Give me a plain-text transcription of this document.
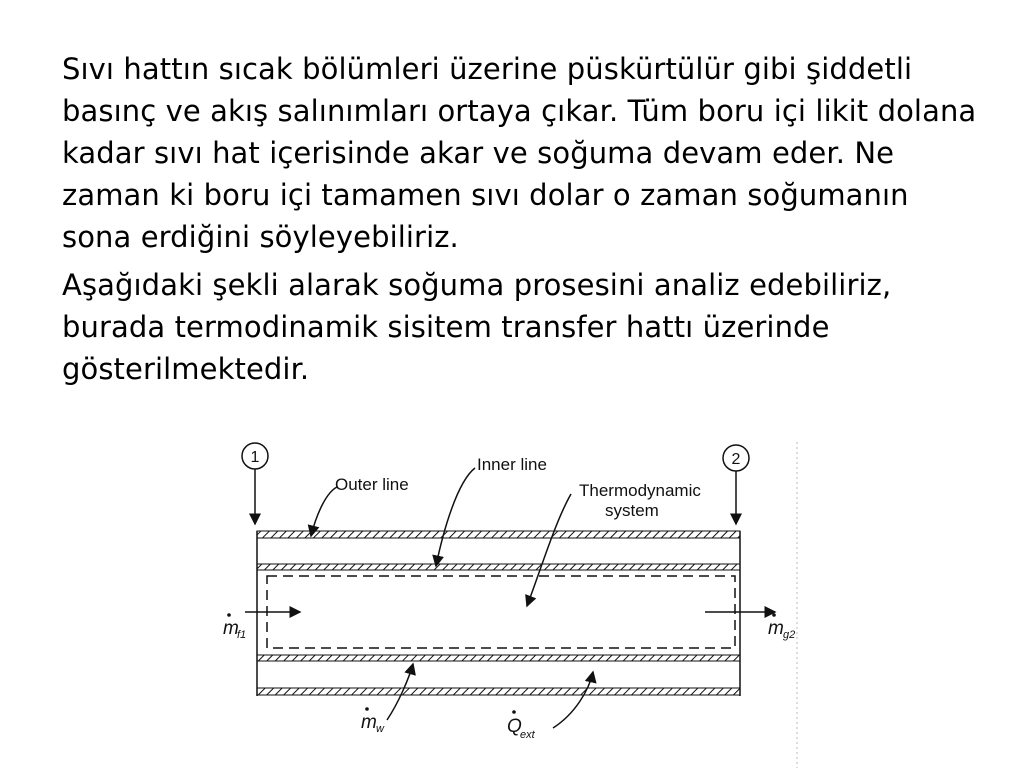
Sıvı hattın sıcak bölümleri üzerine püskürtülür gibi şiddetli basınç ve akış salınımları ortaya çıkar. Tüm boru içi likit dolana kadar sıvı hat içerisinde akar ve soğuma devam eder. Ne zaman ki boru içi tamamen sıvı dolar o zaman soğumanın sona erdiğini söyleyebiliriz.

Aşağıdaki şekli alarak soğuma prosesini analiz edebiliriz, burada termodinamik sisitem transfer hattı üzerinde gösterilmektedir.

1	2
Outer line
Inner line
Thermodynamic
system
m
f1	m g2
m w	Q
ext
